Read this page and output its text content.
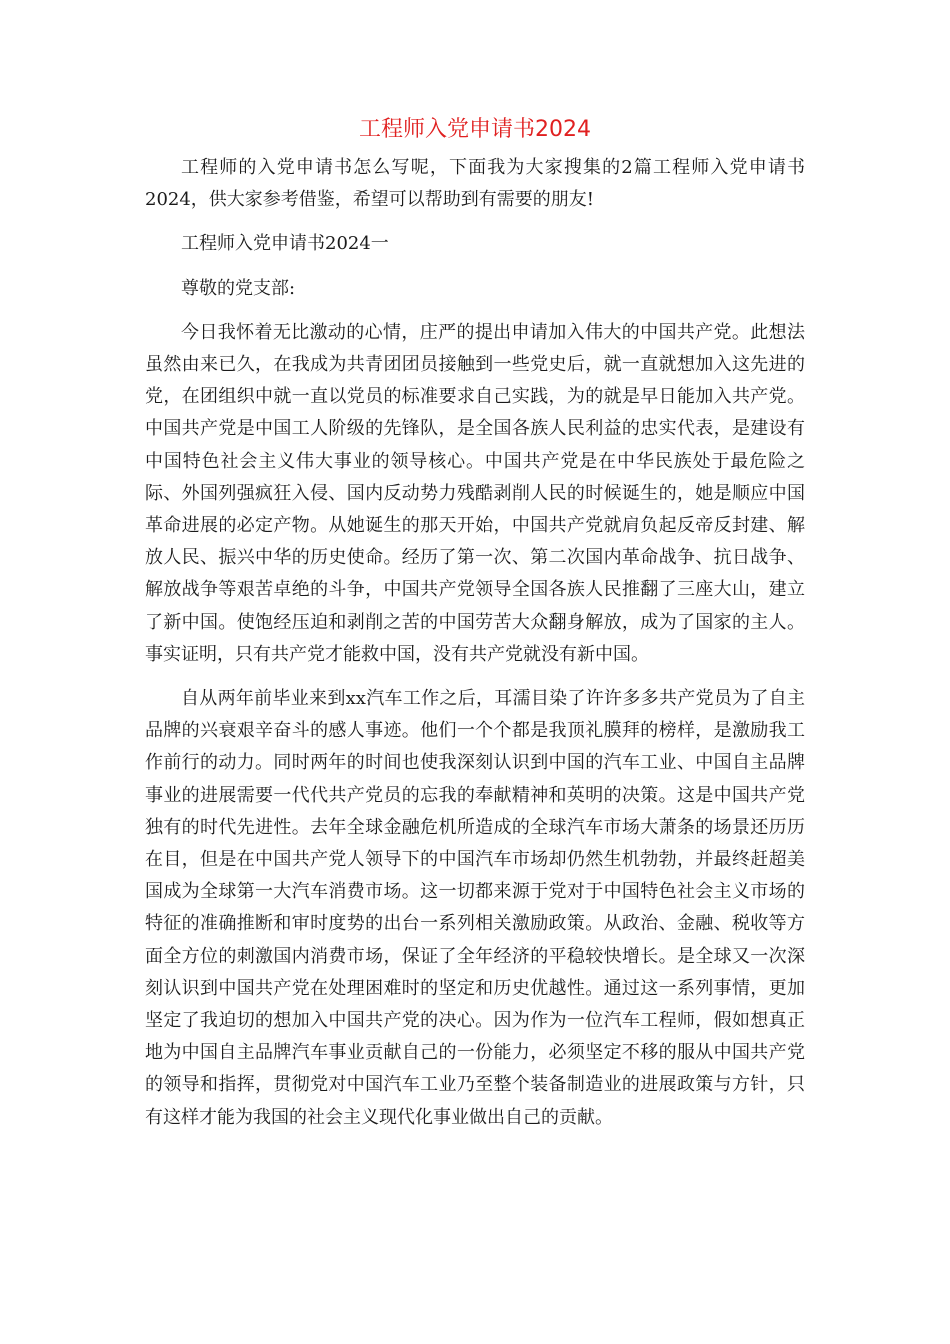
工程师入党申请书2024

工程师的入党申请书怎么写呢，下面我为大家搜集的2篇工程师入党申请书2024，供大家参考借鉴，希望可以帮助到有需要的朋友!

工程师入党申请书2024一

尊敬的党支部:

今日我怀着无比激动的心情，庄严的提出申请加入伟大的中国共产党。此想法虽然由来已久，在我成为共青团团员接触到一些党史后，就一直就想加入这先进的党，在团组织中就一直以党员的标准要求自己实践，为的就是早日能加入共产党。中国共产党是中国工人阶级的先锋队，是全国各族人民利益的忠实代表，是建设有中国特色社会主义伟大事业的领导核心。中国共产党是在中华民族处于最危险之际、外国列强疯狂入侵、国内反动势力残酷剥削人民的时候诞生的，她是顺应中国革命进展的必定产物。从她诞生的那天开始，中国共产党就肩负起反帝反封建、解放人民、振兴中华的历史使命。经历了第一次、第二次国内革命战争、抗日战争、解放战争等艰苦卓绝的斗争，中国共产党领导全国各族人民推翻了三座大山，建立了新中国。使饱经压迫和剥削之苦的中国劳苦大众翻身解放，成为了国家的主人。事实证明，只有共产党才能救中国，没有共产党就没有新中国。

自从两年前毕业来到xx汽车工作之后，耳濡目染了许许多多共产党员为了自主品牌的兴衰艰辛奋斗的感人事迹。他们一个个都是我顶礼膜拜的榜样，是激励我工作前行的动力。同时两年的时间也使我深刻认识到中国的汽车工业、中国自主品牌事业的进展需要一代代共产党员的忘我的奉献精神和英明的决策。这是中国共产党独有的时代先进性。去年全球金融危机所造成的全球汽车市场大萧条的场景还历历在目，但是在中国共产党人领导下的中国汽车市场却仍然生机勃勃，并最终赶超美国成为全球第一大汽车消费市场。这一切都来源于党对于中国特色社会主义市场的特征的准确推断和审时度势的出台一系列相关激励政策。从政治、金融、税收等方面全方位的刺激国内消费市场，保证了全年经济的平稳较快增长。是全球又一次深刻认识到中国共产党在处理困难时的坚定和历史优越性。通过这一系列事情，更加坚定了我迫切的想加入中国共产党的决心。因为作为一位汽车工程师，假如想真正地为中国自主品牌汽车事业贡献自己的一份能力，必须坚定不移的服从中国共产党的领导和指挥，贯彻党对中国汽车工业乃至整个装备制造业的进展政策与方针，只有这样才能为我国的社会主义现代化事业做出自己的贡献。
